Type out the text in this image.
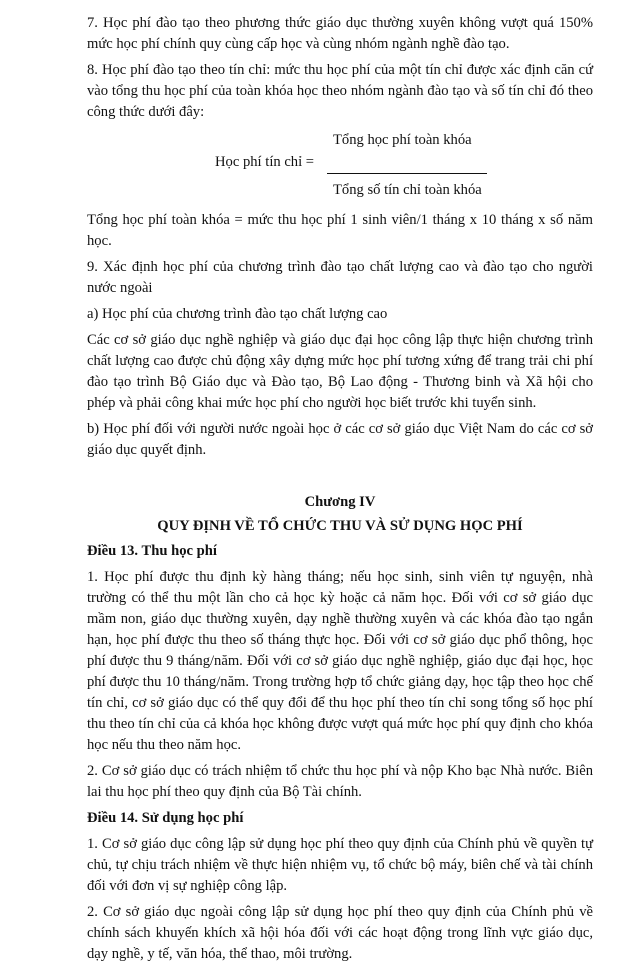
7. Học phí đào tạo theo phương thức giáo dục thường xuyên không vượt quá 150% mức học phí chính quy cùng cấp học và cùng nhóm ngành nghề đào tạo.

8. Học phí đào tạo theo tín chỉ: mức thu học phí của một tín chỉ được xác định căn cứ vào tổng thu học phí của toàn khóa học theo nhóm ngành đào tạo và số tín chỉ đó theo công thức dưới đây:

Tổng học phí toàn khóa
Học phí tín chỉ =
Tổng số tín chỉ toàn khóa

Tổng học phí toàn khóa = mức thu học phí 1 sinh viên/1 tháng x 10 tháng x số năm học.

9. Xác định học phí của chương trình đào tạo chất lượng cao và đào tạo cho người nước ngoài

a) Học phí của chương trình đào tạo chất lượng cao

Các cơ sở giáo dục nghề nghiệp và giáo dục đại học công lập thực hiện chương trình chất lượng cao được chủ động xây dựng mức học phí tương xứng để trang trải chi phí đào tạo trình Bộ Giáo dục và Đào tạo, Bộ Lao động - Thương binh và Xã hội cho phép và phải công khai mức học phí cho người học biết trước khi tuyển sinh.

b) Học phí đối với người nước ngoài học ở các cơ sở giáo dục Việt Nam do các cơ sở giáo dục quyết định.

Chương IV

QUY ĐỊNH VỀ TỔ CHỨC THU VÀ SỬ DỤNG HỌC PHÍ

Điều 13. Thu học phí

1. Học phí được thu định kỳ hàng tháng; nếu học sinh, sinh viên tự nguyện, nhà trường có thể thu một lần cho cả học kỳ hoặc cả năm học. Đối với cơ sở giáo dục mầm non, giáo dục thường xuyên, dạy nghề thường xuyên và các khóa đào tạo ngắn hạn, học phí được thu theo số tháng thực học. Đối với cơ sở giáo dục phổ thông, học phí được thu 9 tháng/năm. Đối với cơ sở giáo dục nghề nghiệp, giáo dục đại học, học phí được thu 10 tháng/năm. Trong trường hợp tổ chức giảng dạy, học tập theo học chế tín chỉ, cơ sở giáo dục có thể quy đổi để thu học phí theo tín chỉ song tổng số học phí thu theo tín chỉ của cả khóa học không được vượt quá mức học phí quy định cho khóa học nếu thu theo năm học.

2. Cơ sở giáo dục có trách nhiệm tổ chức thu học phí và nộp Kho bạc Nhà nước. Biên lai thu học phí theo quy định của Bộ Tài chính.

Điều 14. Sử dụng học phí

1. Cơ sở giáo dục công lập sử dụng học phí theo quy định của Chính phủ về quyền tự chủ, tự chịu trách nhiệm về thực hiện nhiệm vụ, tổ chức bộ máy, biên chế và tài chính đối với đơn vị sự nghiệp công lập.

2. Cơ sở giáo dục ngoài công lập sử dụng học phí theo quy định của Chính phủ về chính sách khuyến khích xã hội hóa đối với các hoạt động trong lĩnh vực giáo dục, dạy nghề, y tế, văn hóa, thể thao, môi trường.
